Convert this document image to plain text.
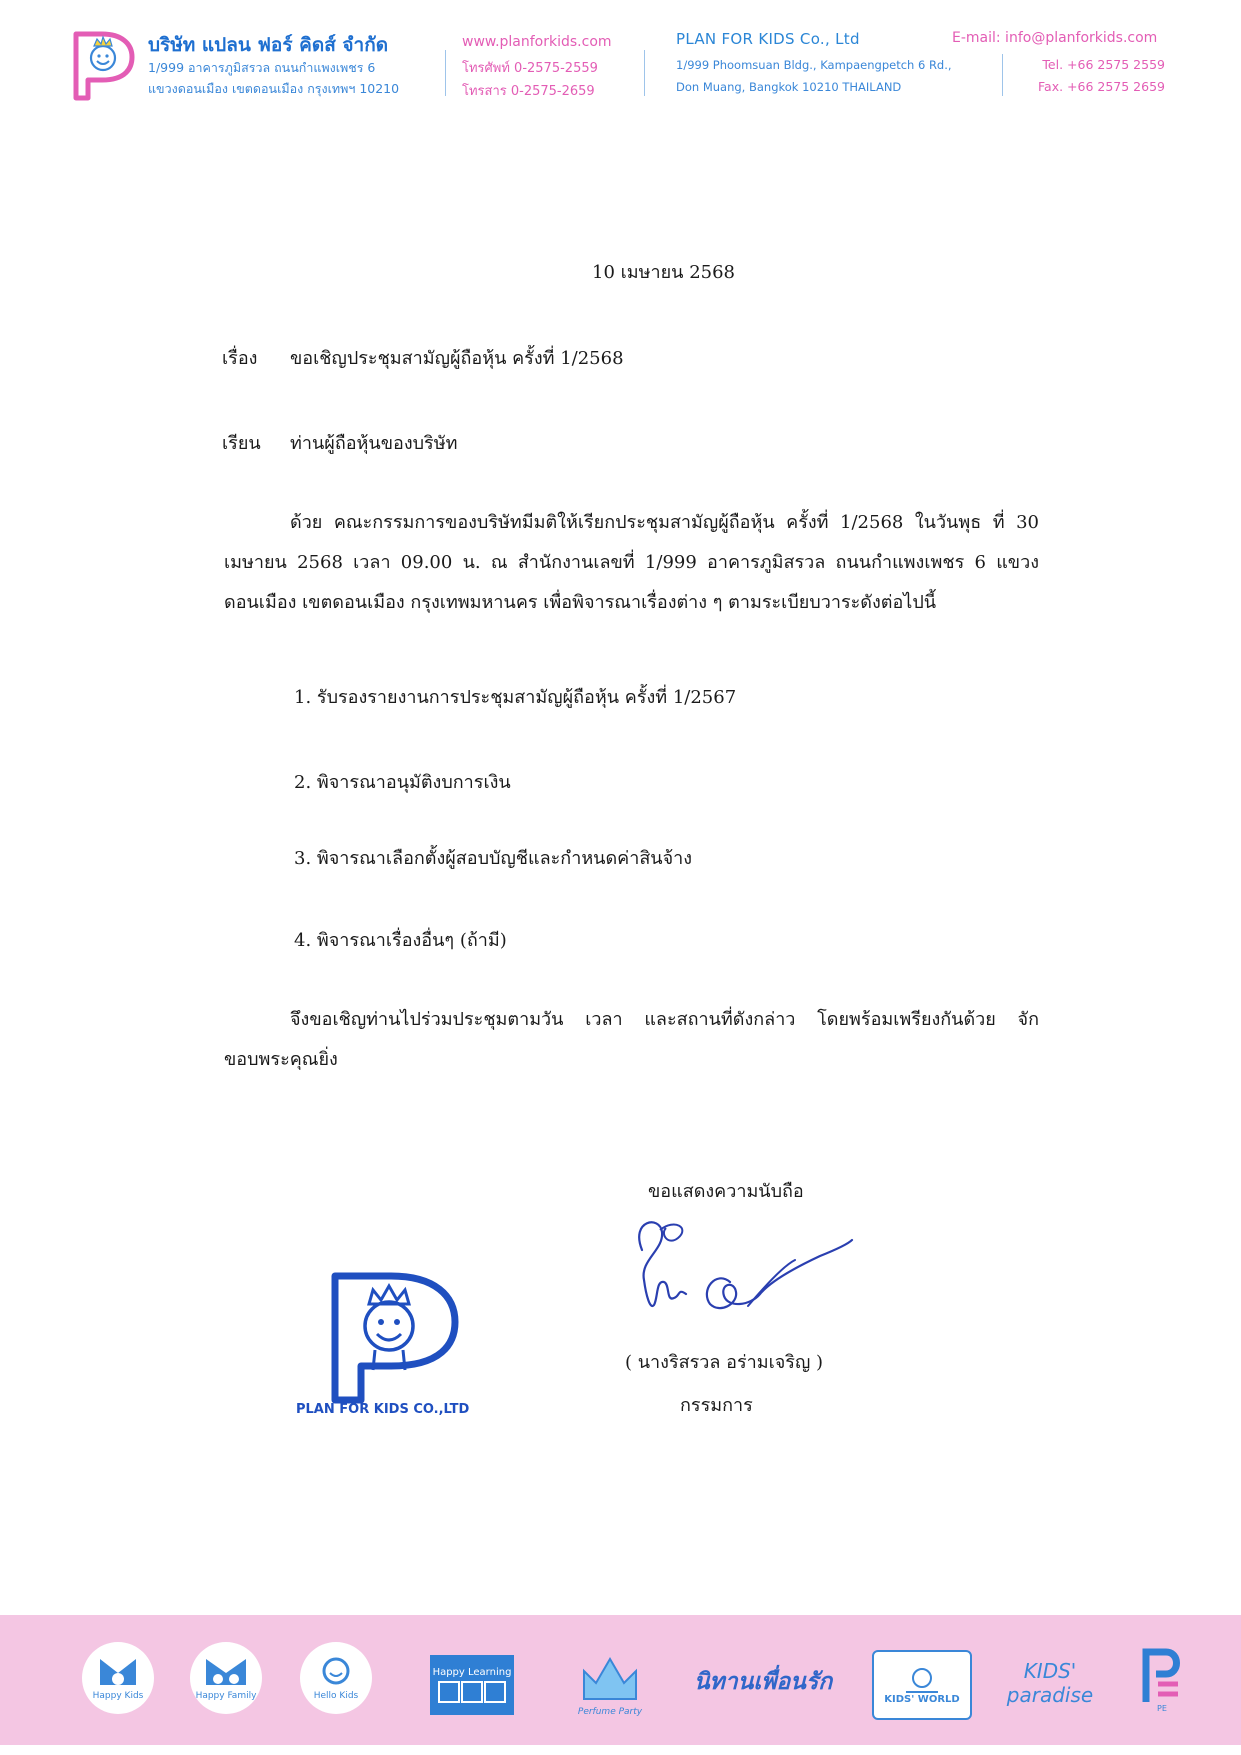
บริษัท แปลน ฟอร์ คิดส์ จำกัด
1/999 อาคารภูมิสรวล ถนนกำแพงเพชร 6
แขวงดอนเมือง เขตดอนเมือง กรุงเทพฯ 10210
www.planforkids.com
โทรศัพท์ 0-2575-2559
โทรสาร 0-2575-2659
PLAN FOR KIDS Co., Ltd
1/999 Phoomsuan Bldg., Kampaengpetch 6 Rd.,
Don Muang, Bangkok 10210 THAILAND
E-mail: info@planforkids.com
Tel. +66 2575 2559
Fax. +66 2575 2659
10 เมษายน 2568
เรื่อง ขอเชิญประชุมสามัญผู้ถือหุ้น ครั้งที่ 1/2568
เรียน ท่านผู้ถือหุ้นของบริษัท
ด้วย คณะกรรมการของบริษัทมีมติให้เรียกประชุมสามัญผู้ถือหุ้น ครั้งที่ 1/2568 ในวันพุธ ที่ 30 เมษายน 2568 เวลา 09.00 น. ณ สำนักงานเลขที่ 1/999 อาคารภูมิสรวล ถนนกำแพงเพชร 6 แขวง ดอนเมือง เขตดอนเมือง กรุงเทพมหานคร เพื่อพิจารณาเรื่องต่าง ๆ ตามระเบียบวาระดังต่อไปนี้
1. รับรองรายงานการประชุมสามัญผู้ถือหุ้น ครั้งที่ 1/2567
2. พิจารณาอนุมัติงบการเงิน
3. พิจารณาเลือกตั้งผู้สอบบัญชีและกำหนดค่าสินจ้าง
4. พิจารณาเรื่องอื่นๆ (ถ้ามี)
จึงขอเชิญท่านไปร่วมประชุมตามวัน เวลา และสถานที่ดังกล่าว โดยพร้อมเพรียงกันด้วย จักขอบพระคุณยิ่ง
ขอแสดงความนับถือ
( นางริสรวล อร่ามเจริญ )
กรรมการ
PLAN FOR KIDS CO.,LTD
Happy Kids	Happy Family	Hello Kids
Happy Learning
Perfume Party
นิทานเพื่อนรัก
KIDS' WORLD
KIDS' paradise
PE
